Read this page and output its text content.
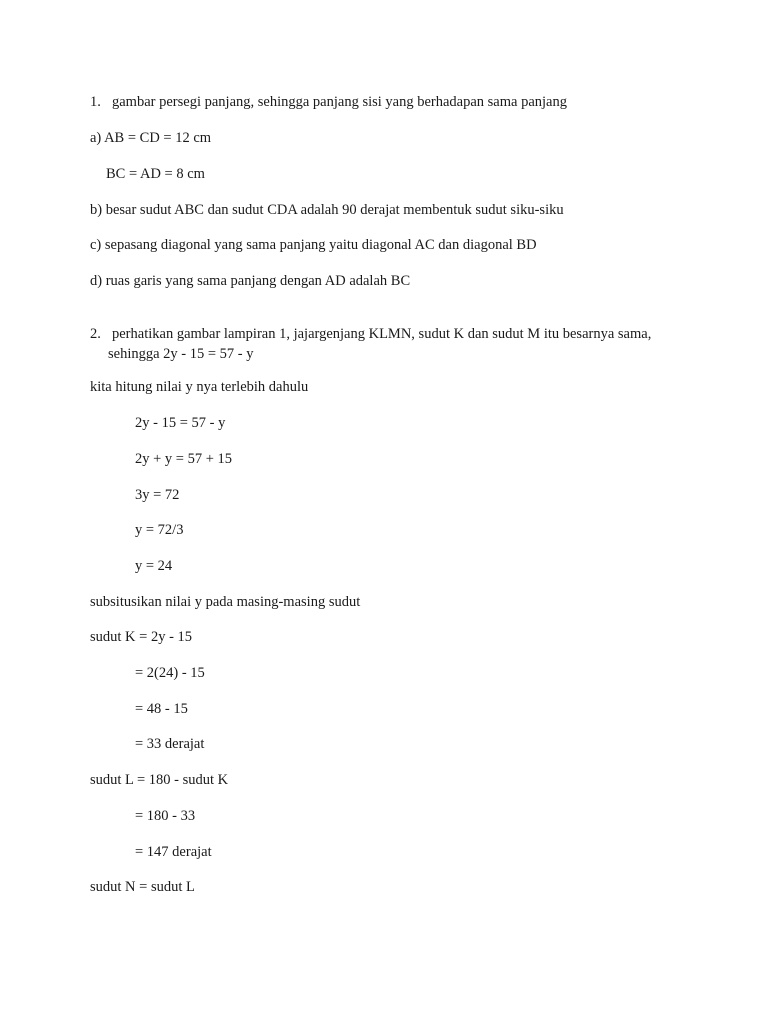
1. gambar persegi panjang, sehingga panjang sisi yang berhadapan sama panjang
a) AB = CD = 12 cm
BC = AD = 8 cm
b) besar sudut ABC dan sudut CDA adalah 90 derajat membentuk sudut siku-siku
c) sepasang diagonal yang sama panjang yaitu diagonal AC dan diagonal BD
d) ruas garis yang sama panjang dengan AD adalah BC
2. perhatikan gambar lampiran 1, jajargenjang KLMN, sudut K dan sudut M itu besarnya sama,
sehingga 2y - 15 = 57 - y
kita hitung nilai y nya terlebih dahulu
2y - 15 = 57 - y
2y + y = 57 + 15
3y = 72
y = 72/3
y = 24
subsitusikan nilai y pada masing-masing sudut
sudut K = 2y - 15
= 2(24) - 15
= 48 - 15
= 33 derajat
sudut L = 180 - sudut K
= 180 - 33
= 147 derajat
sudut N = sudut L
